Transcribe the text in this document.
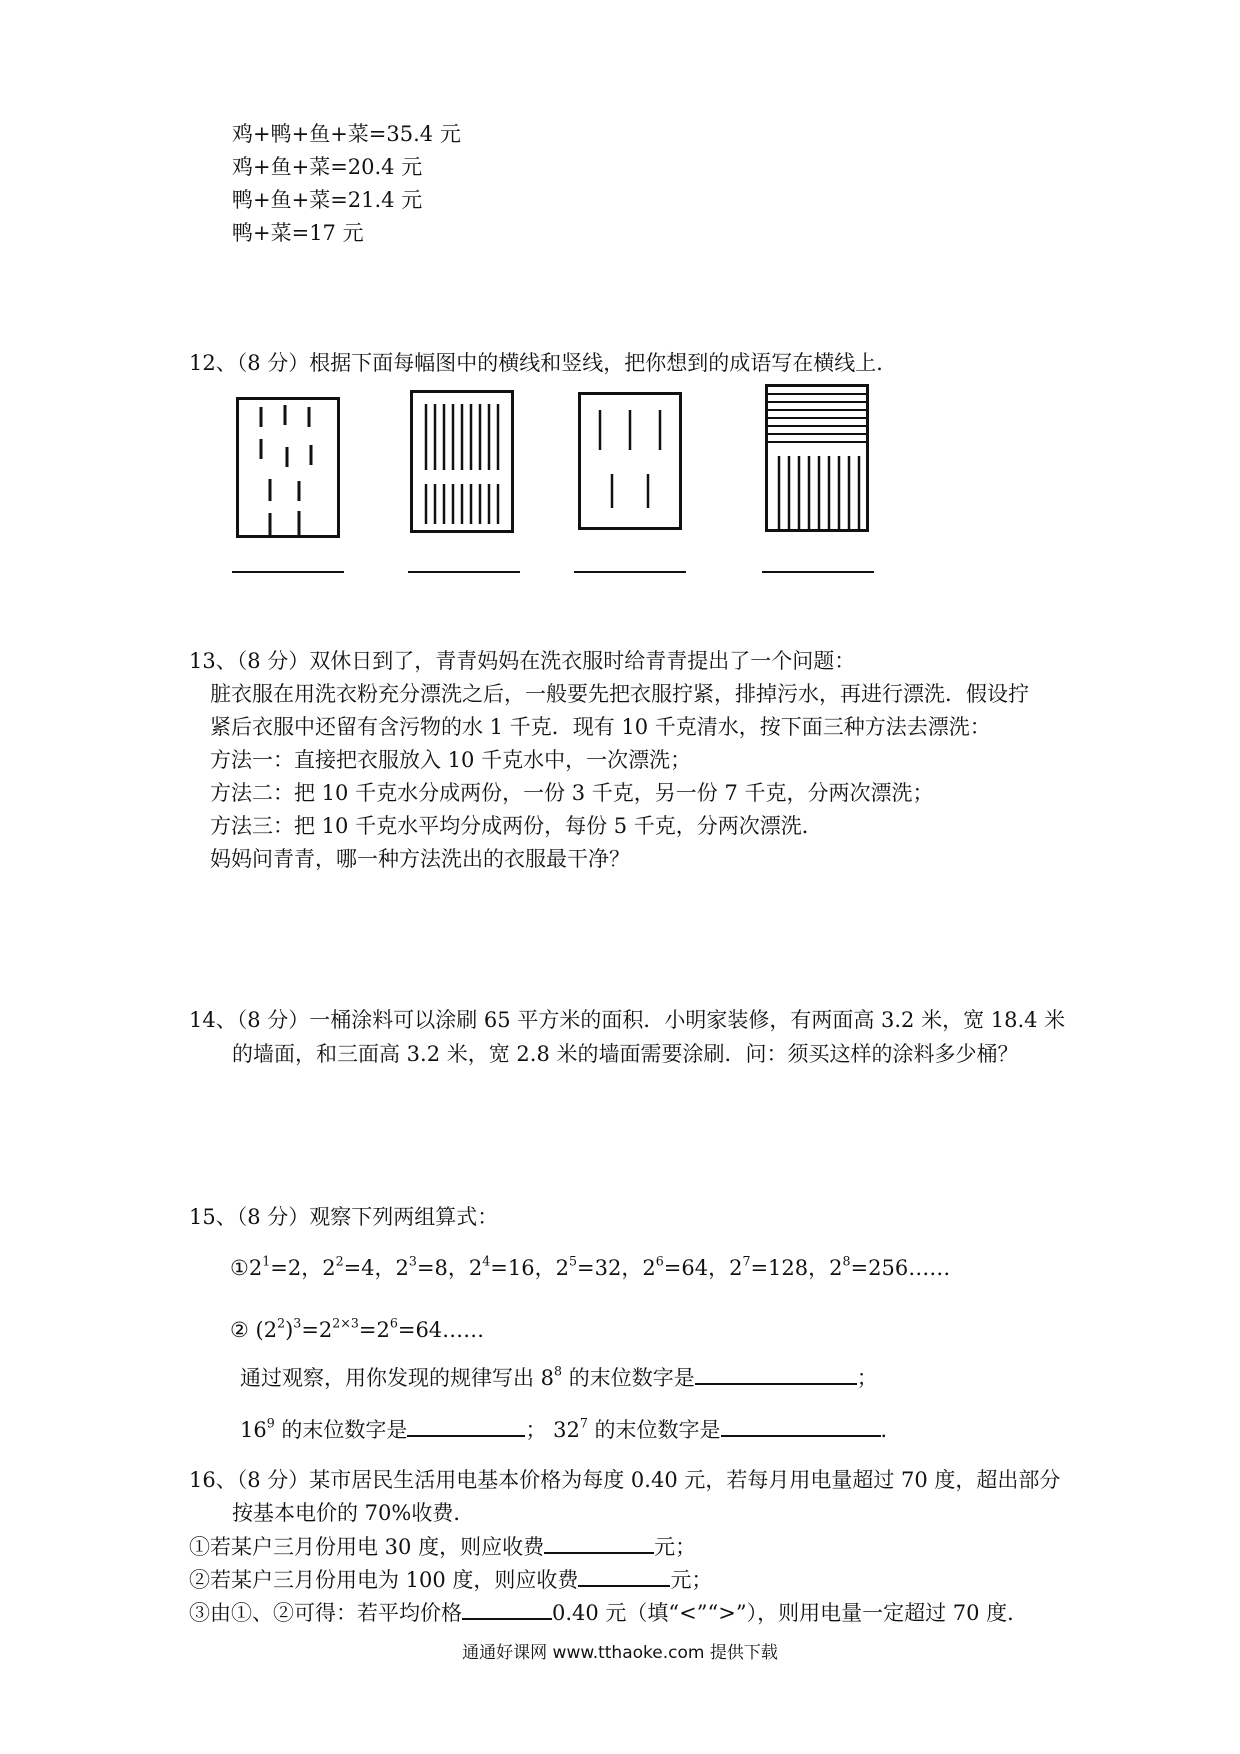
鸡+鸭+鱼+菜=35.4 元
鸡+鱼+菜=20.4 元
鸭+鱼+菜=21.4 元
鸭+菜=17 元
12、（8 分）根据下面每幅图中的横线和竖线，把你想到的成语写在横线上．
13、（8 分）双休日到了，青青妈妈在洗衣服时给青青提出了一个问题：
脏衣服在用洗衣粉充分漂洗之后，一般要先把衣服拧紧，排掉污水，再进行漂洗．假设拧
紧后衣服中还留有含污物的水 1 千克．现有 10 千克清水，按下面三种方法去漂洗：
方法一：直接把衣服放入 10 千克水中，一次漂洗；
方法二：把 10 千克水分成两份，一份 3 千克，另一份 7 千克，分两次漂洗；
方法三：把 10 千克水平均分成两份，每份 5 千克，分两次漂洗．
妈妈问青青，哪一种方法洗出的衣服最干净？
14、（8 分）一桶涂料可以涂刷 65 平方米的面积．小明家装修，有两面高 3.2 米，宽 18.4 米
的墙面，和三面高 3.2 米，宽 2.8 米的墙面需要涂刷．问：须买这样的涂料多少桶？
15、（8 分）观察下列两组算式：
$①2^1=2$，$2^2=4$，$2^3=8$，$2^4=16$，$2^5=32$，$2^6=64$，$2^7=128$，$2^8=256\dots\dots$
② $(2^2)^3=2^{2\times 3}=2^6=64\dots\dots$
通过观察，用你发现的规律写出 $8^8$ 的末位数字是	；
$16^9$ 的末位数字是	； $32^7$ 的末位数字是	．
16、（8 分）某市居民生活用电基本价格为每度 0.40 元，若每月用电量超过 70 度，超出部分
按基本电价的 70%收费．
①若某户三月份用电 30 度，则应收费	元；
②若某户三月份用电为 100 度，则应收费	元；
③由①、②可得：若平均价格	0.40 元（填“<”“>”），则用电量一定超过 70 度．
通通好课网 www.tthaoke.com 提供下载
